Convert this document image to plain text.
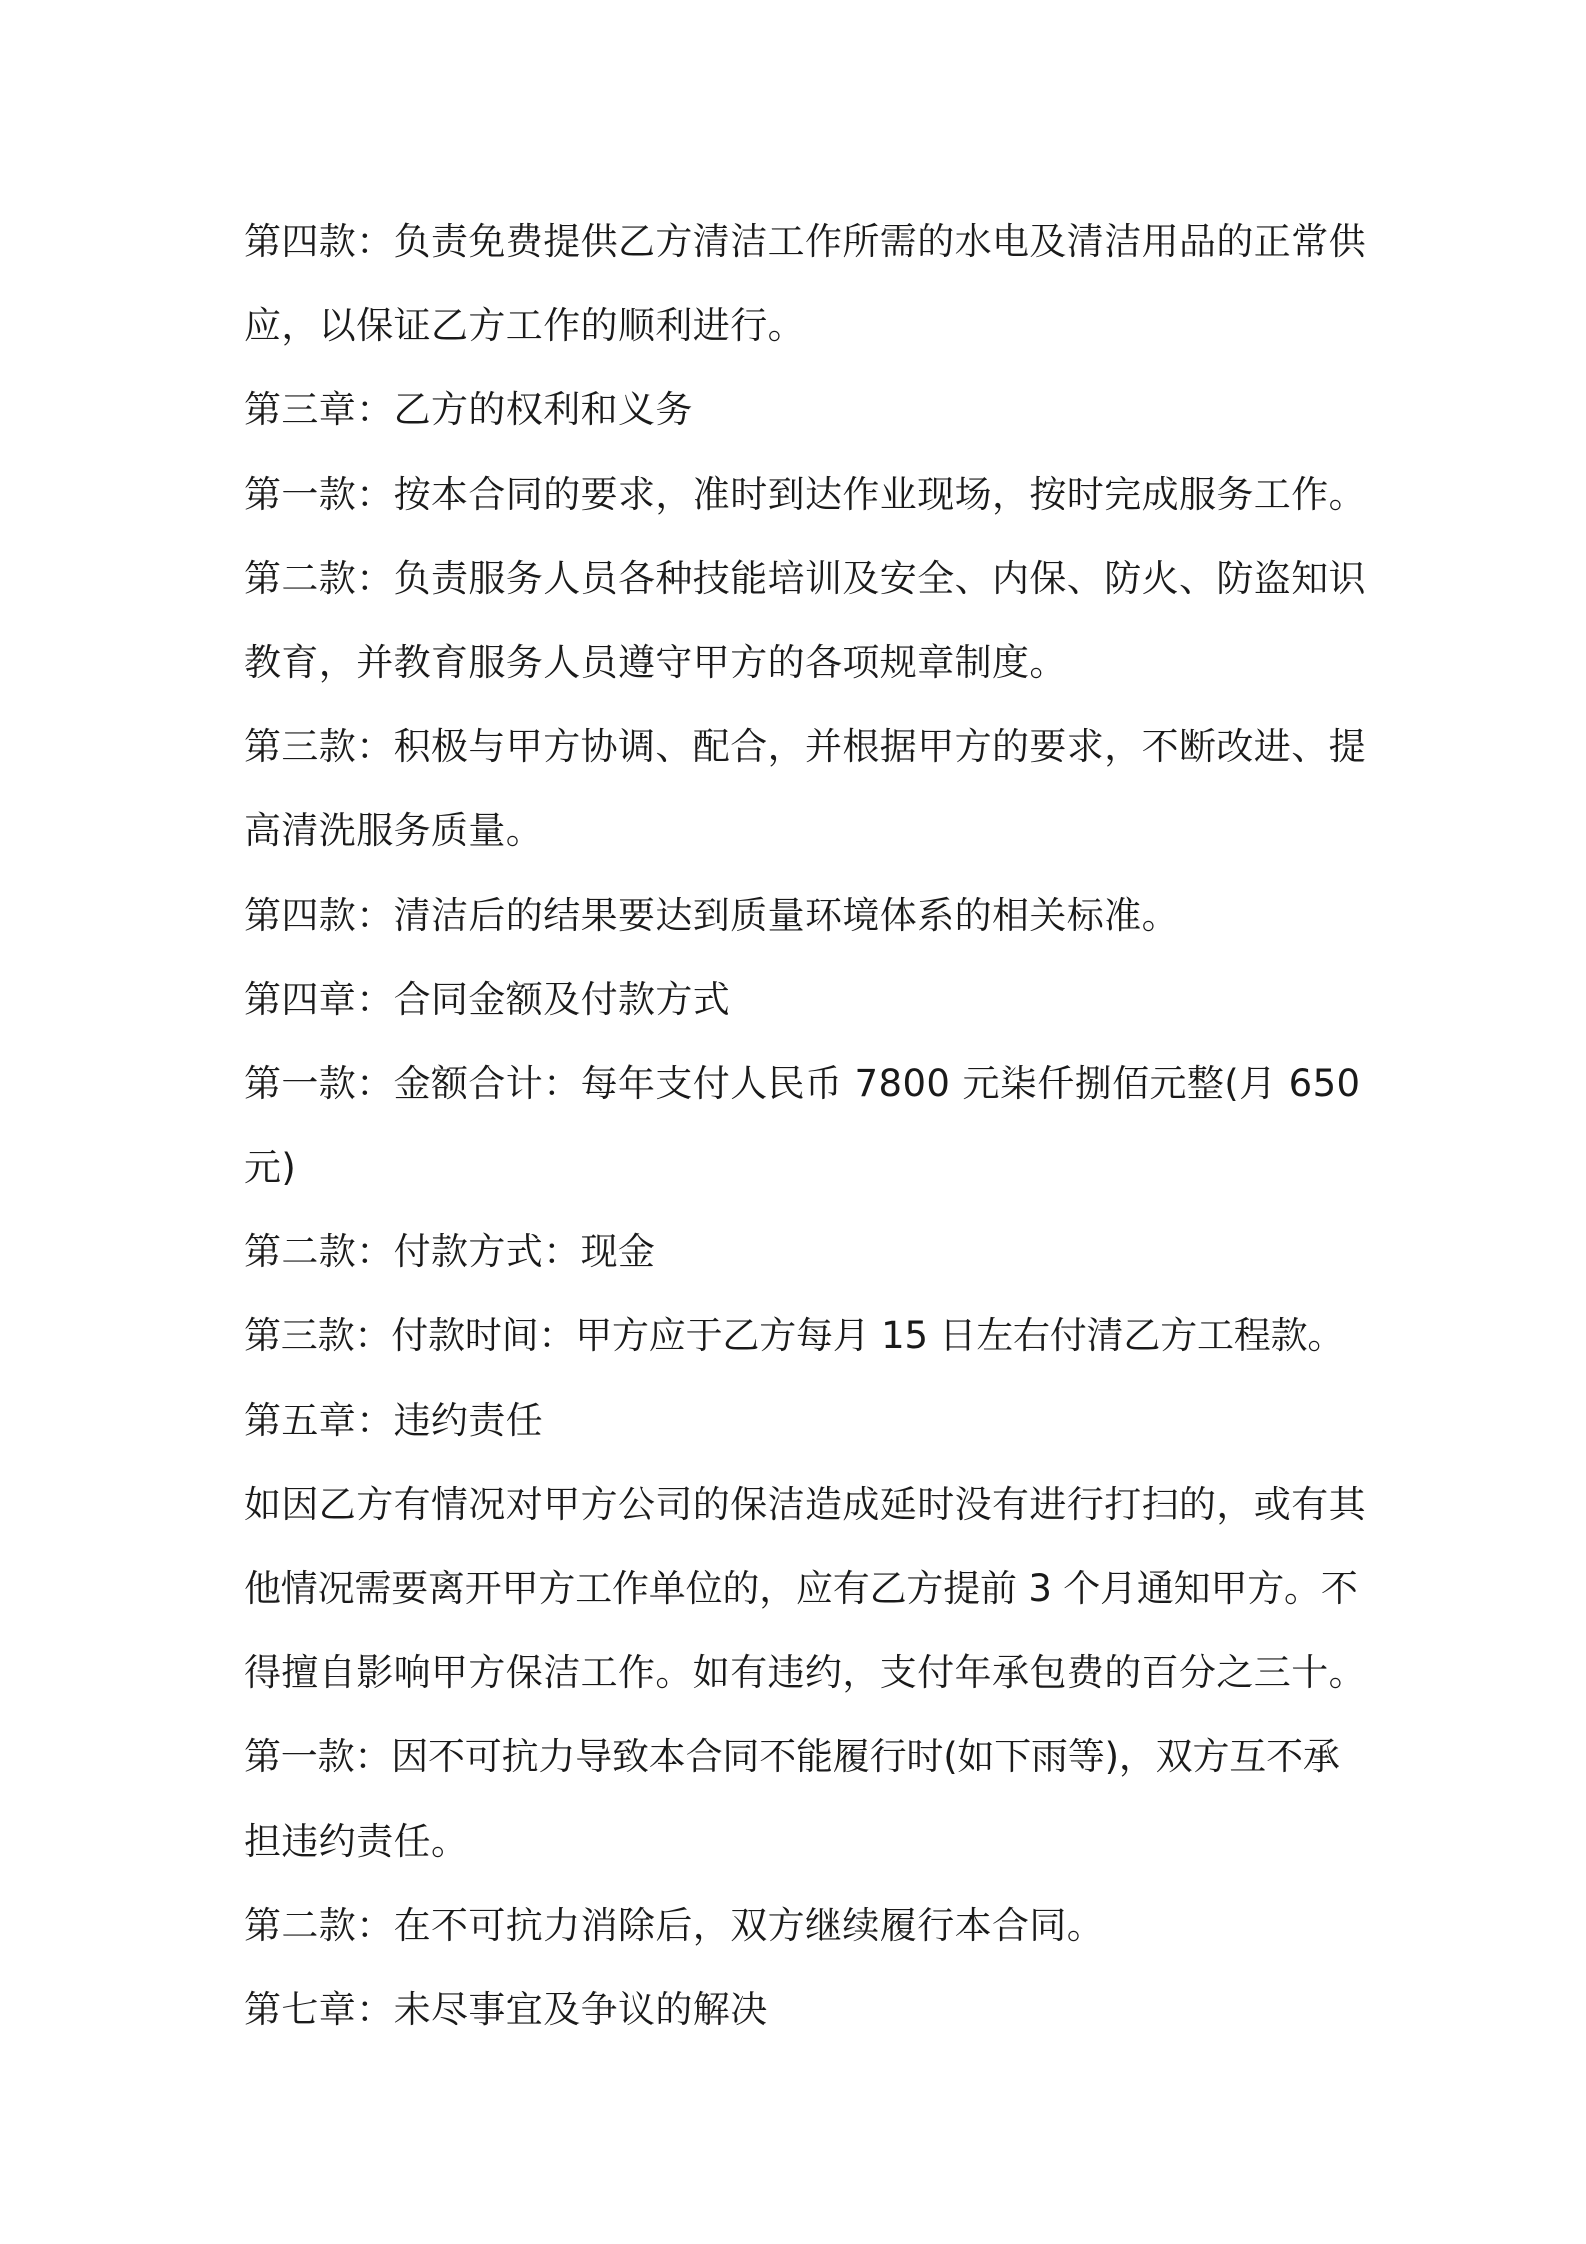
第四款：负责免费提供乙方清洁工作所需的水电及清洁用品的正常供
应，以保证乙方工作的顺利进行。
第三章：乙方的权利和义务
第一款：按本合同的要求，准时到达作业现场，按时完成服务工作。
第二款：负责服务人员各种技能培训及安全、内保、防火、防盗知识
教育，并教育服务人员遵守甲方的各项规章制度。
第三款：积极与甲方协调、配合，并根据甲方的要求，不断改进、提
高清洗服务质量。
第四款：清洁后的结果要达到质量环境体系的相关标准。
第四章：合同金额及付款方式
第一款：金额合计：每年支付人民币 7800 元柒仟捌佰元整(月 650
元)
第二款：付款方式：现金
第三款：付款时间：甲方应于乙方每月 15 日左右付清乙方工程款。
第五章：违约责任
如因乙方有情况对甲方公司的保洁造成延时没有进行打扫的，或有其
他情况需要离开甲方工作单位的，应有乙方提前 3 个月通知甲方。不
得擅自影响甲方保洁工作。如有违约，支付年承包费的百分之三十。
第一款：因不可抗力导致本合同不能履行时(如下雨等)，双方互不承
担违约责任。
第二款：在不可抗力消除后，双方继续履行本合同。
第七章：未尽事宜及争议的解决
